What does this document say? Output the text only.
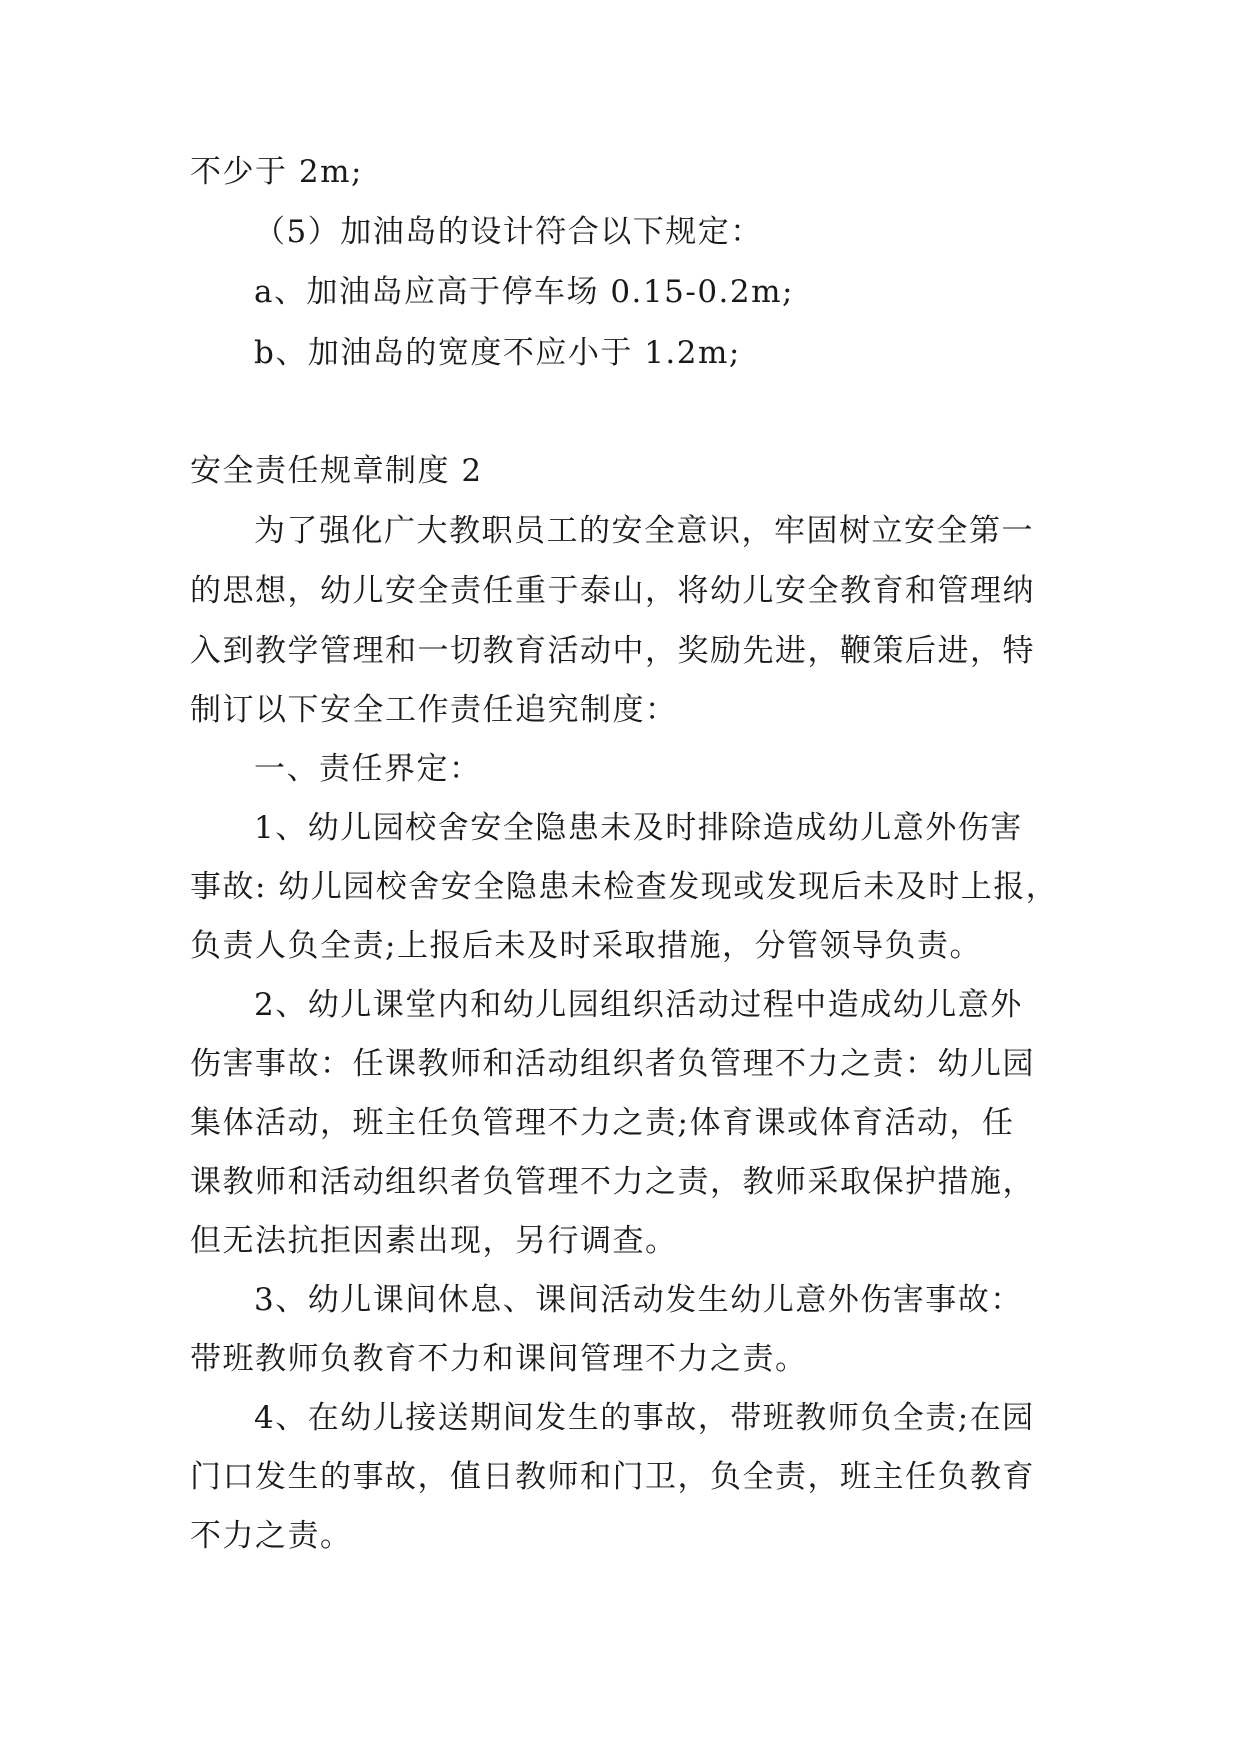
不少于 2m;
（5）加油岛的设计符合以下规定：
a、加油岛应高于停车场 0.15-0.2m;
b、加油岛的宽度不应小于 1.2m;
安全责任规章制度 2
为了强化广大教职员工的安全意识，牢固树立安全第一
的思想，幼儿安全责任重于泰山，将幼儿安全教育和管理纳
入到教学管理和一切教育活动中，奖励先进，鞭策后进，特
制订以下安全工作责任追究制度：
一、责任界定：
1、幼儿园校舍安全隐患未及时排除造成幼儿意外伤害
事故: 幼儿园校舍安全隐患未检查发现或发现后未及时上报，
负责人负全责;上报后未及时采取措施，分管领导负责。
2、幼儿课堂内和幼儿园组织活动过程中造成幼儿意外
伤害事故：任课教师和活动组织者负管理不力之责：幼儿园
集体活动，班主任负管理不力之责;体育课或体育活动，任
课教师和活动组织者负管理不力之责，教师采取保护措施，
但无法抗拒因素出现，另行调查。
3、幼儿课间休息、课间活动发生幼儿意外伤害事故：
带班教师负教育不力和课间管理不力之责。
4、在幼儿接送期间发生的事故，带班教师负全责;在园
门口发生的事故，值日教师和门卫，负全责，班主任负教育
不力之责。
